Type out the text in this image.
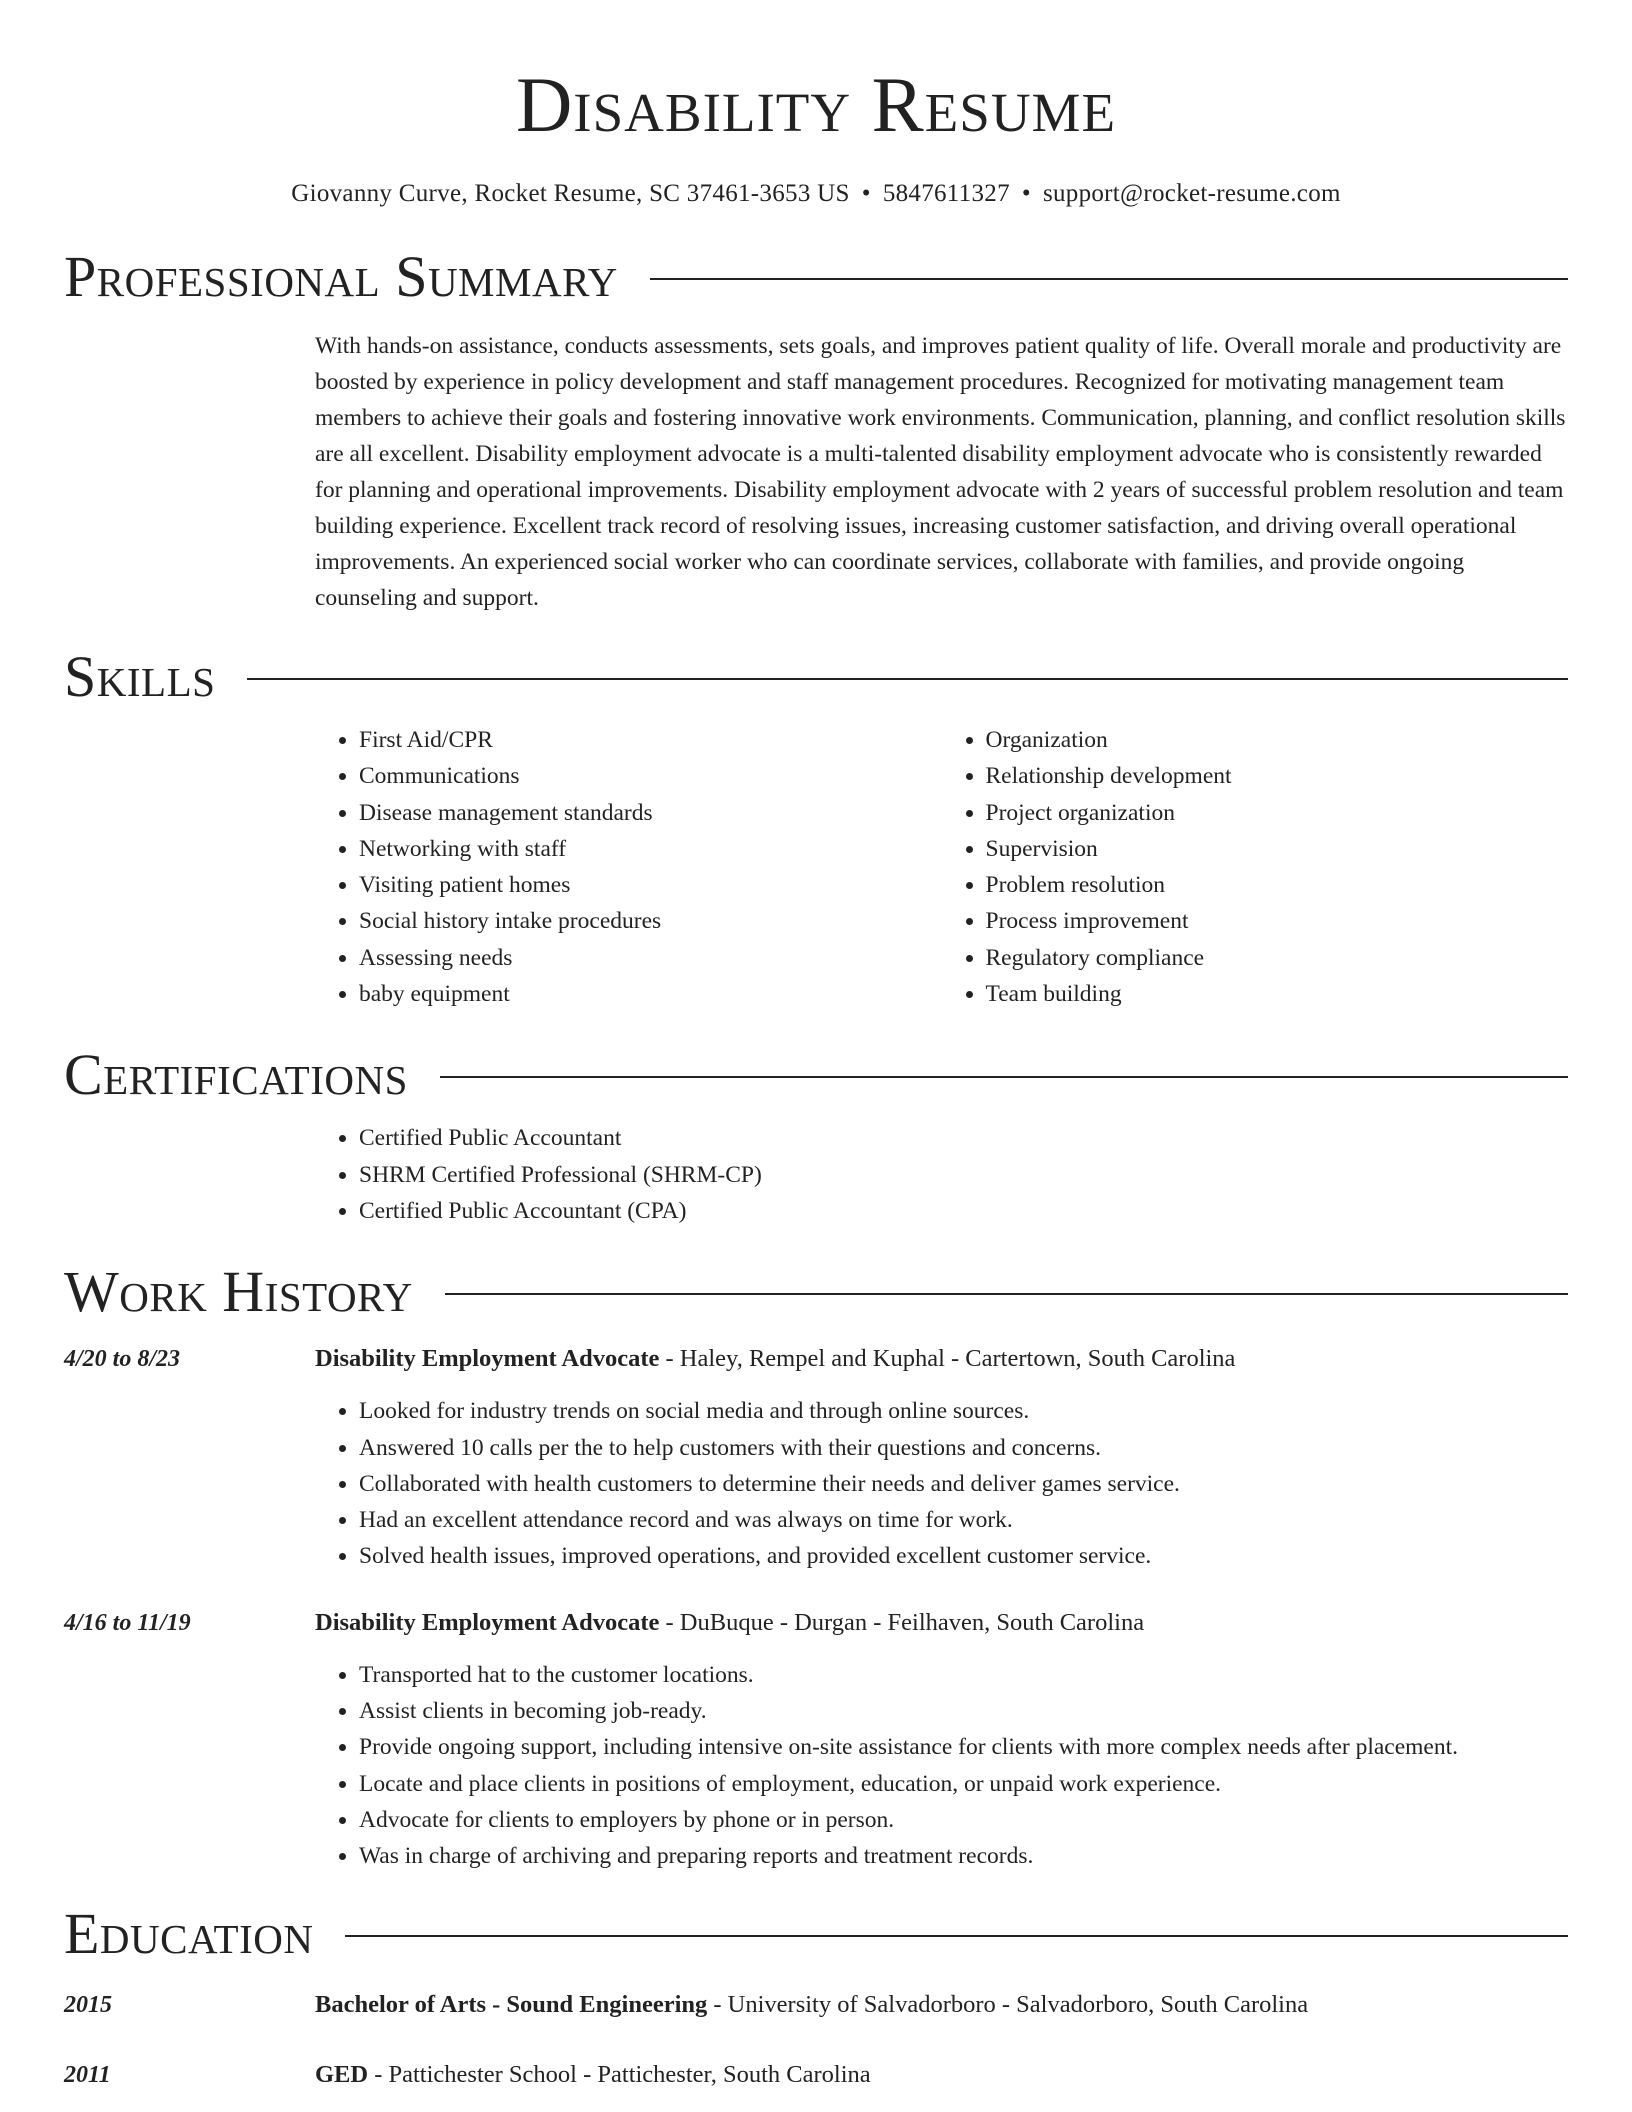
Disability Resume
Giovanny Curve, Rocket Resume, SC 37461-3653 US • 5847611327 • support@rocket-resume.com
Professional Summary
With hands-on assistance, conducts assessments, sets goals, and improves patient quality of life. Overall morale and productivity are boosted by experience in policy development and staff management procedures. Recognized for motivating management team members to achieve their goals and fostering innovative work environments. Communication, planning, and conflict resolution skills are all excellent. Disability employment advocate is a multi-talented disability employment advocate who is consistently rewarded for planning and operational improvements. Disability employment advocate with 2 years of successful problem resolution and team building experience. Excellent track record of resolving issues, increasing customer satisfaction, and driving overall operational improvements. An experienced social worker who can coordinate services, collaborate with families, and provide ongoing counseling and support.
Skills
• First Aid/CPR
• Communications
• Disease management standards
• Networking with staff
• Visiting patient homes
• Social history intake procedures
• Assessing needs
• baby equipment
• Organization
• Relationship development
• Project organization
• Supervision
• Problem resolution
• Process improvement
• Regulatory compliance
• Team building
Certifications
• Certified Public Accountant
• SHRM Certified Professional (SHRM-CP)
• Certified Public Accountant (CPA)
Work History
4/20 to 8/23	Disability Employment Advocate - Haley, Rempel and Kuphal - Cartertown, South Carolina
• Looked for industry trends on social media and through online sources.
• Answered 10 calls per the to help customers with their questions and concerns.
• Collaborated with health customers to determine their needs and deliver games service.
• Had an excellent attendance record and was always on time for work.
• Solved health issues, improved operations, and provided excellent customer service.
4/16 to 11/19	Disability Employment Advocate - DuBuque - Durgan - Feilhaven, South Carolina
• Transported hat to the customer locations.
• Assist clients in becoming job-ready.
• Provide ongoing support, including intensive on-site assistance for clients with more complex needs after placement.
• Locate and place clients in positions of employment, education, or unpaid work experience.
• Advocate for clients to employers by phone or in person.
• Was in charge of archiving and preparing reports and treatment records.
Education
2015	Bachelor of Arts - Sound Engineering - University of Salvadorboro - Salvadorboro, South Carolina
2011	GED - Pattichester School - Pattichester, South Carolina
